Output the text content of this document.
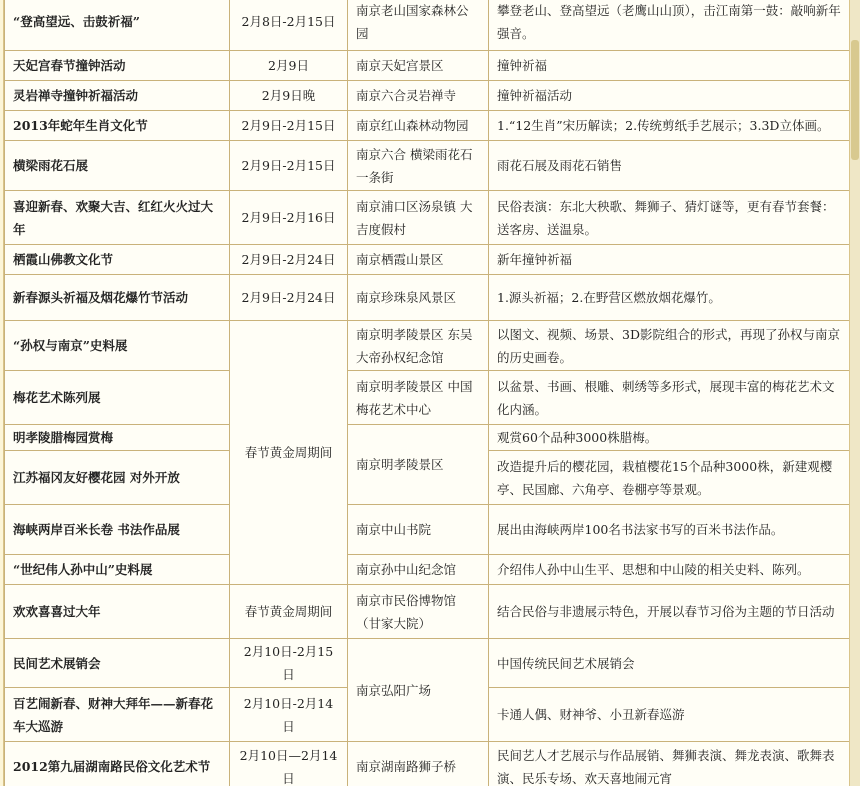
“登高望远、击鼓祈福”	2月8日-2月15日	南京老山国家森林公园	攀登老山、登高望远（老鹰山山顶），击江南第一鼓：敲响新年强音。
天妃宫春节撞钟活动	2月9日	南京天妃宫景区	撞钟祈福
灵岩禅寺撞钟祈福活动	2月9日晚	南京六合灵岩禅寺	撞钟祈福活动
2013年蛇年生肖文化节	2月9日-2月15日	南京红山森林动物园	1.“12生肖”宋历解读；2.传统剪纸手艺展示；3.3D立体画。
横梁雨花石展	2月9日-2月15日	南京六合 横梁雨花石一条街	雨花石展及雨花石销售
喜迎新春、欢聚大吉、红红火火过大年	2月9日-2月16日	南京浦口区汤泉镇 大吉度假村	民俗表演：东北大秧歌、舞狮子、猜灯谜等，更有春节套餐：送客房、送温泉。
栖霞山佛教文化节	2月9日-2月24日	南京栖霞山景区	新年撞钟祈福
新春源头祈福及烟花爆竹节活动	2月9日-2月24日	南京珍珠泉风景区	1.源头祈福；2.在野营区燃放烟花爆竹。
“孙权与南京”史料展	春节黄金周期间	南京明孝陵景区 东吴大帝孙权纪念馆	以图文、视频、场景、3D影院组合的形式，再现了孙权与南京的历史画卷。
梅花艺术陈列展		南京明孝陵景区 中国梅花艺术中心	以盆景、书画、根雕、刺绣等多形式，展现丰富的梅花艺术文化内涵。
明孝陵腊梅园赏梅		南京明孝陵景区	观赏60个品种3000株腊梅。
江苏福冈友好樱花园 对外开放			改造提升后的樱花园，栽植樱花15个品种3000株，新建观樱亭、民国廊、六角亭、卷棚亭等景观。
海峡两岸百米长卷 书法作品展		南京中山书院	展出由海峡两岸100名书法家书写的百米书法作品。
“世纪伟人孙中山”史料展		南京孙中山纪念馆	介绍伟人孙中山生平、思想和中山陵的相关史料、陈列。
欢欢喜喜过大年	春节黄金周期间	南京市民俗博物馆 （甘家大院）	结合民俗与非遗展示特色，开展以春节习俗为主题的节日活动
民间艺术展销会	2月10日-2月15日	南京弘阳广场	中国传统民间艺术展销会
百艺闹新春、财神大拜年——新春花车大巡游	2月10日-2月14日		卡通人偶、财神爷、小丑新春巡游
2012第九届湖南路民俗文化艺术节	2月10日—2月14日	南京湖南路狮子桥	民间艺人才艺展示与作品展销、舞狮表演、舞龙表演、歌舞表演、民乐专场、欢天喜地闹元宵
